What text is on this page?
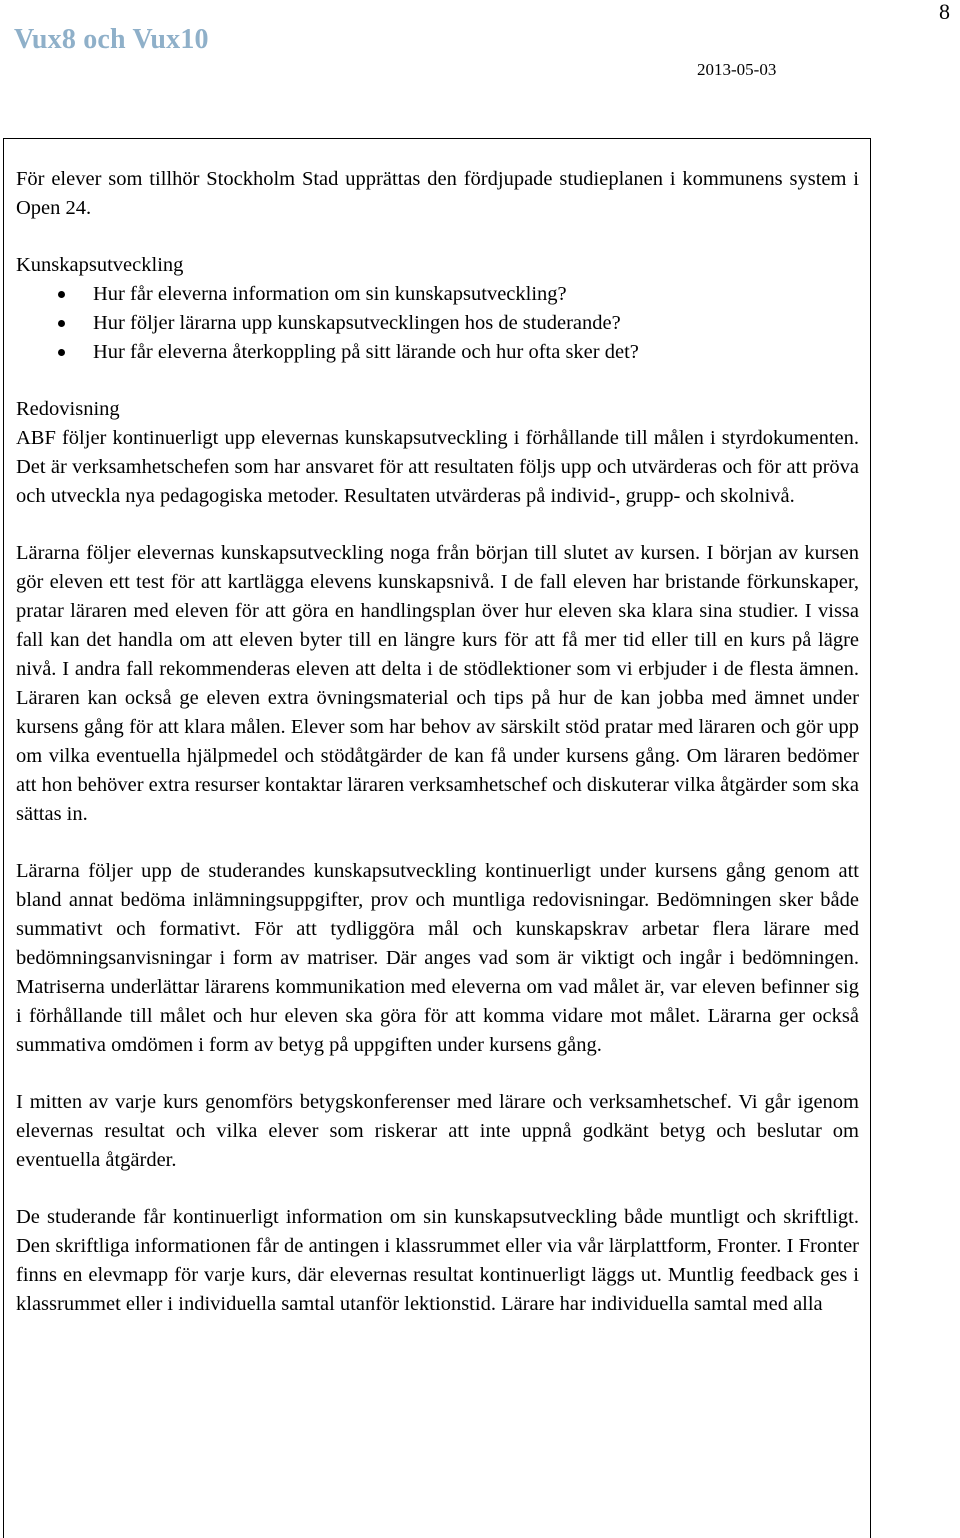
8
Vux8 och Vux10
2013-05-03

För elever som tillhör Stockholm Stad upprättas den fördjupade studieplanen i kommunens system i Open 24.

Kunskapsutveckling

Hur får eleverna information om sin kunskapsutveckling?
Hur följer lärarna upp kunskapsutvecklingen hos de studerande?
Hur får eleverna återkoppling på sitt lärande och hur ofta sker det?

Redovisning

ABF följer kontinuerligt upp elevernas kunskapsutveckling i förhållande till målen i styrdokumenten. Det är verksamhetschefen som har ansvaret för att resultaten följs upp och utvärderas och för att pröva och utveckla nya pedagogiska metoder. Resultaten utvärderas på individ-, grupp- och skolnivå.

Lärarna följer elevernas kunskapsutveckling noga från början till slutet av kursen. I början av kursen gör eleven ett test för att kartlägga elevens kunskapsnivå. I de fall eleven har bristande förkunskaper, pratar läraren med eleven för att göra en handlingsplan över hur eleven ska klara sina studier. I vissa fall kan det handla om att eleven byter till en längre kurs för att få mer tid eller till en kurs på lägre nivå. I andra fall rekommenderas eleven att delta i de stödlektioner som vi erbjuder i de flesta ämnen. Läraren kan också ge eleven extra övningsmaterial och tips på hur de kan jobba med ämnet under kursens gång för att klara målen. Elever som har behov av särskilt stöd pratar med läraren och gör upp om vilka eventuella hjälpmedel och stödåtgärder de kan få under kursens gång. Om läraren bedömer att hon behöver extra resurser kontaktar läraren verksamhetschef och diskuterar vilka åtgärder som ska sättas in.

Lärarna följer upp de studerandes kunskapsutveckling kontinuerligt under kursens gång genom att bland annat bedöma inlämningsuppgifter, prov och muntliga redovisningar. Bedömningen sker både summativt och formativt. För att tydliggöra mål och kunskapskrav arbetar flera lärare med bedömningsanvisningar i form av matriser. Där anges vad som är viktigt och ingår i bedömningen. Matriserna underlättar lärarens kommunikation med eleverna om vad målet är, var eleven befinner sig i förhållande till målet och hur eleven ska göra för att komma vidare mot målet. Lärarna ger också summativa omdömen i form av betyg på uppgiften under kursens gång.

I mitten av varje kurs genomförs betygskonferenser med lärare och verksamhetschef. Vi går igenom elevernas resultat och vilka elever som riskerar att inte uppnå godkänt betyg och beslutar om eventuella åtgärder.

De studerande får kontinuerligt information om sin kunskapsutveckling både muntligt och skriftligt. Den skriftliga informationen får de antingen i klassrummet eller via vår lärplattform, Fronter. I Fronter finns en elevmapp för varje kurs, där elevernas resultat kontinuerligt läggs ut. Muntlig feedback ges i klassrummet eller i individuella samtal utanför lektionstid. Lärare har individuella samtal med alla
